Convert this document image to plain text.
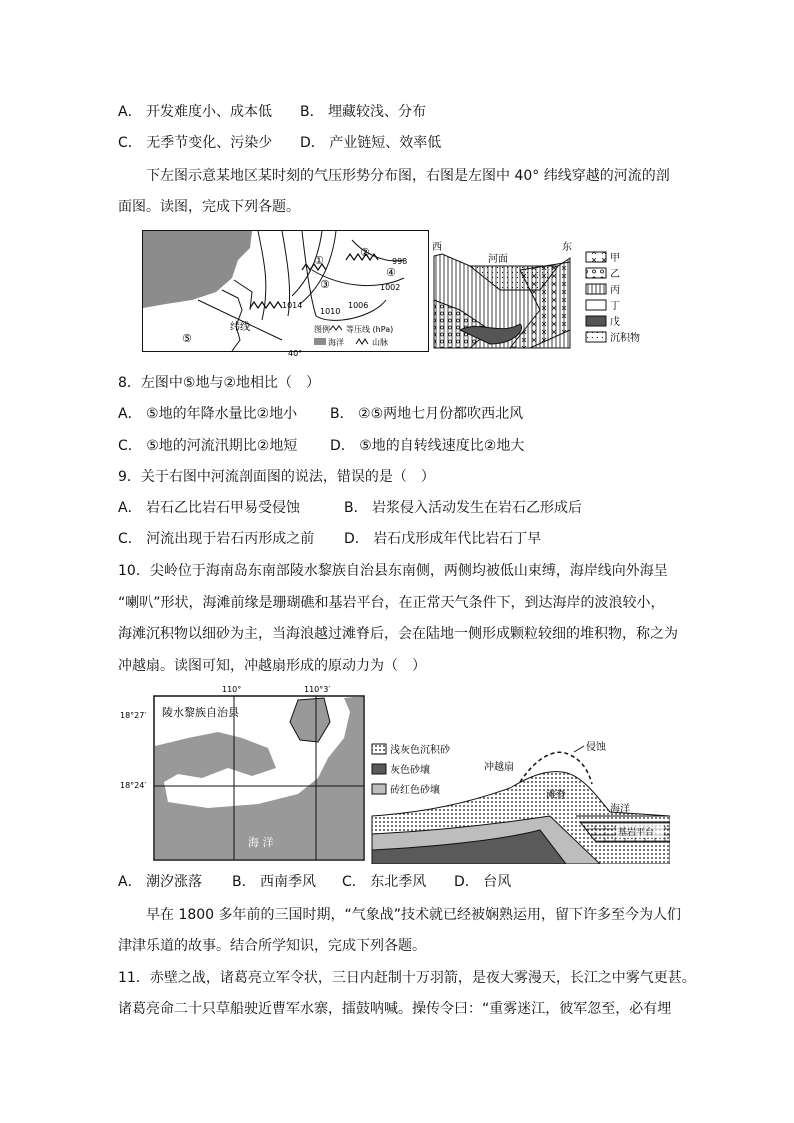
A． 开发难度小、成本低 B． 埋藏较浅、分布
C． 无季节变化、污染少 D． 产业链短、效率低
下左图示意某地区某时刻的气压形势分布图，右图是左图中 40° 纬线穿越的河流的剖
面图。读图，完成下列各题。
998
1002
1006
1010
1014
①
②
③
④
⑤
纬线
40°
图例 等压线 (hPa)
海洋	山脉
西	东
河面	甲
乙
丙
丁
戊
沉积物
8．左图中⑤地与②地相比（　）
A． ⑤地的年降水量比②地小 B． ②⑤两地七月份都吹西北风
C． ⑤地的河流汛期比②地短 D． ⑤地的自转线速度比②地大
9．关于右图中河流剖面图的说法，错误的是（　）
A． 岩石乙比岩石甲易受侵蚀	B． 岩浆侵入活动发生在岩石乙形成后
C． 河流出现于岩石丙形成之前 D． 岩石戊形成年代比岩石丁早
10．尖岭位于海南岛东南部陵水黎族自治县东南侧，两侧均被低山束缚，海岸线向外海呈
“喇叭”形状，海滩前缘是珊瑚礁和基岩平台，在正常天气条件下，到达海岸的波浪较小，
海滩沉积物以细砂为主，当海浪越过滩脊后，会在陆地一侧形成颗粒较细的堆积物，称之为
冲越扇。读图可知，冲越扇形成的原动力为（　）
110°	110°3′
18°27′
18°24′
陵水黎族自治县
海 洋
浅灰色沉积砂
灰色砂壤
砖红色砂壤
冲越扇
侵蚀
滩脊
海洋
基岩平台
A． 潮汐涨落 B． 西南季风 C． 东北季风 D． 台风
早在 1800 多年前的三国时期，“气象战”技术就已经被娴熟运用，留下许多至今为人们
津津乐道的故事。结合所学知识，完成下列各题。
11．赤壁之战，诸葛亮立军令状，三日内赶制十万羽箭，是夜大雾漫天，长江之中雾气更甚。
诸葛亮命二十只草船驶近曹军水寨，擂鼓呐喊。操传令曰：“重雾迷江，彼军忽至，必有埋
